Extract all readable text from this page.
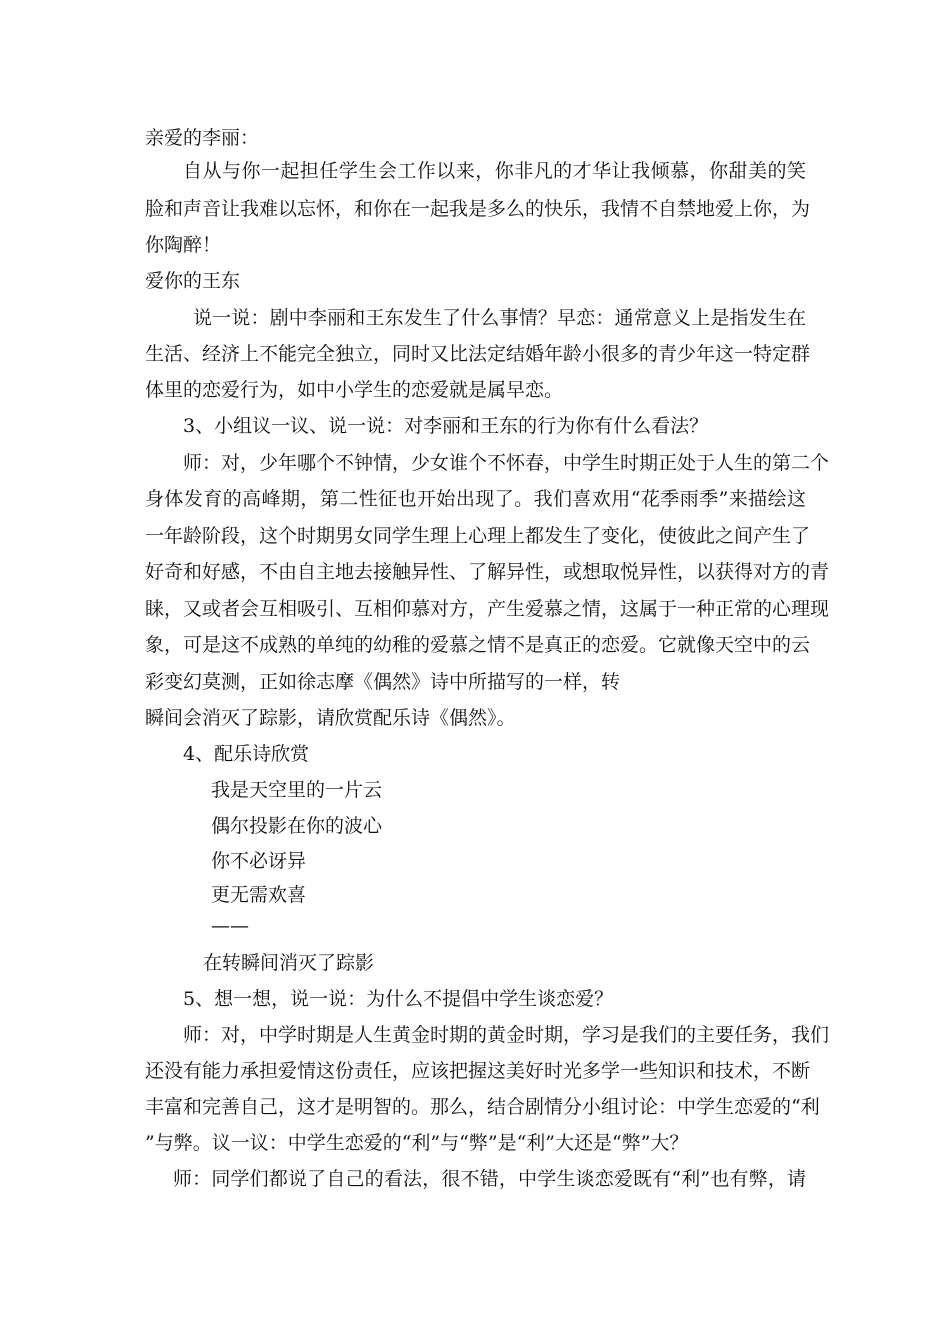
亲爱的李丽：
自从与你一起担任学生会工作以来，你非凡的才华让我倾慕，你甜美的笑
脸和声音让我难以忘怀，和你在一起我是多么的快乐，我情不自禁地爱上你，为
你陶醉！
爱你的王东
说一说：剧中李丽和王东发生了什么事情？早恋：通常意义上是指发生在
生活、经济上不能完全独立，同时又比法定结婚年龄小很多的青少年这一特定群
体里的恋爱行为，如中小学生的恋爱就是属早恋。
3、小组议一议、说一说：对李丽和王东的行为你有什么看法？
师：对，少年哪个不钟情，少女谁个不怀春，中学生时期正处于人生的第二个
身体发育的高峰期，第二性征也开始出现了。我们喜欢用“花季雨季”来描绘这
一年龄阶段，这个时期男女同学生理上心理上都发生了变化，使彼此之间产生了
好奇和好感，不由自主地去接触异性、了解异性，或想取悦异性，以获得对方的青
睐，又或者会互相吸引、互相仰慕对方，产生爱慕之情，这属于一种正常的心理现
象，可是这不成熟的单纯的幼稚的爱慕之情不是真正的恋爱。它就像天空中的云
彩变幻莫测，正如徐志摩《偶然》诗中所描写的一样，转
瞬间会消灭了踪影，请欣赏配乐诗《偶然》。
4、配乐诗欣赏
我是天空里的一片云
偶尔投影在你的波心
你不必讶异
更无需欢喜
——
在转瞬间消灭了踪影
5、想一想，说一说：为什么不提倡中学生谈恋爱？
师：对，中学时期是人生黄金时期的黄金时期，学习是我们的主要任务，我们
还没有能力承担爱情这份责任，应该把握这美好时光多学一些知识和技术，不断
丰富和完善自己，这才是明智的。那么，结合剧情分小组讨论：中学生恋爱的“利
”与弊。议一议：中学生恋爱的“利”与“弊”是“利”大还是“弊”大？
师：同学们都说了自己的看法，很不错，中学生谈恋爱既有“利”也有弊，请
